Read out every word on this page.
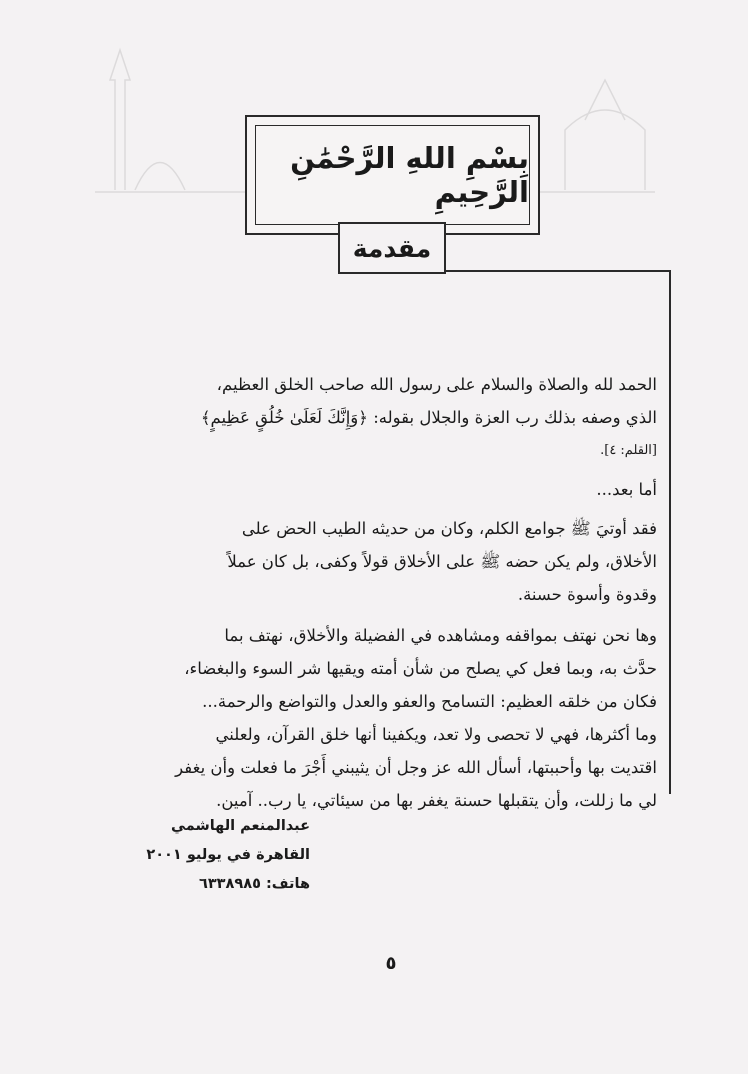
بِسْمِ اللهِ الرَّحْمَٰنِ الرَّحِيمِ
مقدمة

الحمد لله والصلاة والسلام على رسول الله صاحب الخلق العظيم،

الذي وصفه بذلك رب العزة والجلال بقوله: ﴿وَإِنَّكَ لَعَلَىٰ خُلُقٍ عَظِيمٍ﴾

[القلم: ٤].

أما بعد...

فقد أوتيَ ﷺ جوامع الكلم، وكان من حديثه الطيب الحض على

الأخلاق، ولم يكن حضه ﷺ على الأخلاق قولاً وكفى، بل كان عملاً

وقدوة وأسوة حسنة.

وها نحن نهتف بمواقفه ومشاهده في الفضيلة والأخلاق، نهتف بما

حدَّث به، وبما فعل كي يصلح من شأن أمته ويقيها شر السوء والبغضاء،

فكان من خلقه العظيم: التسامح والعفو والعدل والتواضع والرحمة...

وما أكثرها، فهي لا تحصى ولا تعد، ويكفينا أنها خلق القرآن، ولعلني

اقتديت بها وأحببتها، أسأل الله عز وجل أن يثيبني أَجْرَ ما فعلت وأن يغفر

لي ما زللت، وأن يتقبلها حسنة يغفر بها من سيئاتي، يا رب.. آمين.

عبدالمنعم الهاشمي
القاهرة في يوليو ٢٠٠١
هاتف: ٦٣٣٨٩٨٥
٥
